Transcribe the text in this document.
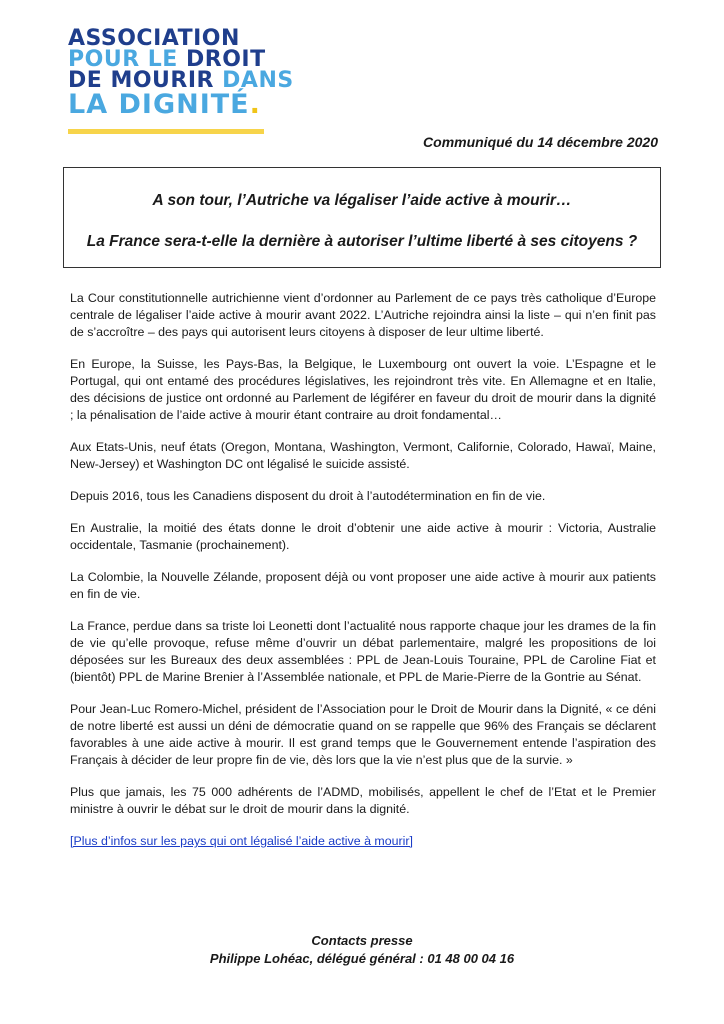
ASSOCIATION
POUR LE DROIT
DE MOURIR DANS
LA DIGNITÉ.
Communiqué du 14 décembre 2020
A son tour, l’Autriche va légaliser l’aide active à mourir…
La France sera-t-elle la dernière à autoriser l’ultime liberté à ses citoyens ?

La Cour constitutionnelle autrichienne vient d’ordonner au Parlement de ce pays très catholique d’Europe centrale de légaliser l’aide active à mourir avant 2022. L’Autriche rejoindra ainsi la liste – qui n’en finit pas de s’accroître – des pays qui autorisent leurs citoyens à disposer de leur ultime liberté.

En Europe, la Suisse, les Pays-Bas, la Belgique, le Luxembourg ont ouvert la voie. L’Espagne et le Portugal, qui ont entamé des procédures législatives, les rejoindront très vite. En Allemagne et en Italie, des décisions de justice ont ordonné au Parlement de légiférer en faveur du droit de mourir dans la dignité ; la pénalisation de l’aide active à mourir étant contraire au droit fondamental…

Aux Etats-Unis, neuf états (Oregon, Montana, Washington, Vermont, Californie, Colorado, Hawaï, Maine, New-Jersey) et Washington DC ont légalisé le suicide assisté.

Depuis 2016, tous les Canadiens disposent du droit à l’autodétermination en fin de vie.

En Australie, la moitié des états donne le droit d’obtenir une aide active à mourir : Victoria, Australie occidentale, Tasmanie (prochainement).

La Colombie, la Nouvelle Zélande, proposent déjà ou vont proposer une aide active à mourir aux patients en fin de vie.

La France, perdue dans sa triste loi Leonetti dont l’actualité nous rapporte chaque jour les drames de la fin de vie qu’elle provoque, refuse même d’ouvrir un débat parlementaire, malgré les propositions de loi déposées sur les Bureaux des deux assemblées : PPL de Jean-Louis Touraine, PPL de Caroline Fiat et (bientôt) PPL de Marine Brenier à l’Assemblée nationale, et PPL de Marie-Pierre de la Gontrie au Sénat.

Pour Jean-Luc Romero-Michel, président de l’Association pour le Droit de Mourir dans la Dignité, « ce déni de notre liberté est aussi un déni de démocratie quand on se rappelle que 96% des Français se déclarent favorables à une aide active à mourir. Il est grand temps que le Gouvernement entende l’aspiration des Français à décider de leur propre fin de vie, dès lors que la vie n’est plus que de la survie. »

Plus que jamais, les 75 000 adhérents de l’ADMD, mobilisés, appellent le chef de l’Etat et le Premier ministre à ouvrir le débat sur le droit de mourir dans la dignité.

[Plus d’infos sur les pays qui ont légalisé l’aide active à mourir]

Contacts presse
Philippe Lohéac, délégué général : 01 48 00 04 16
